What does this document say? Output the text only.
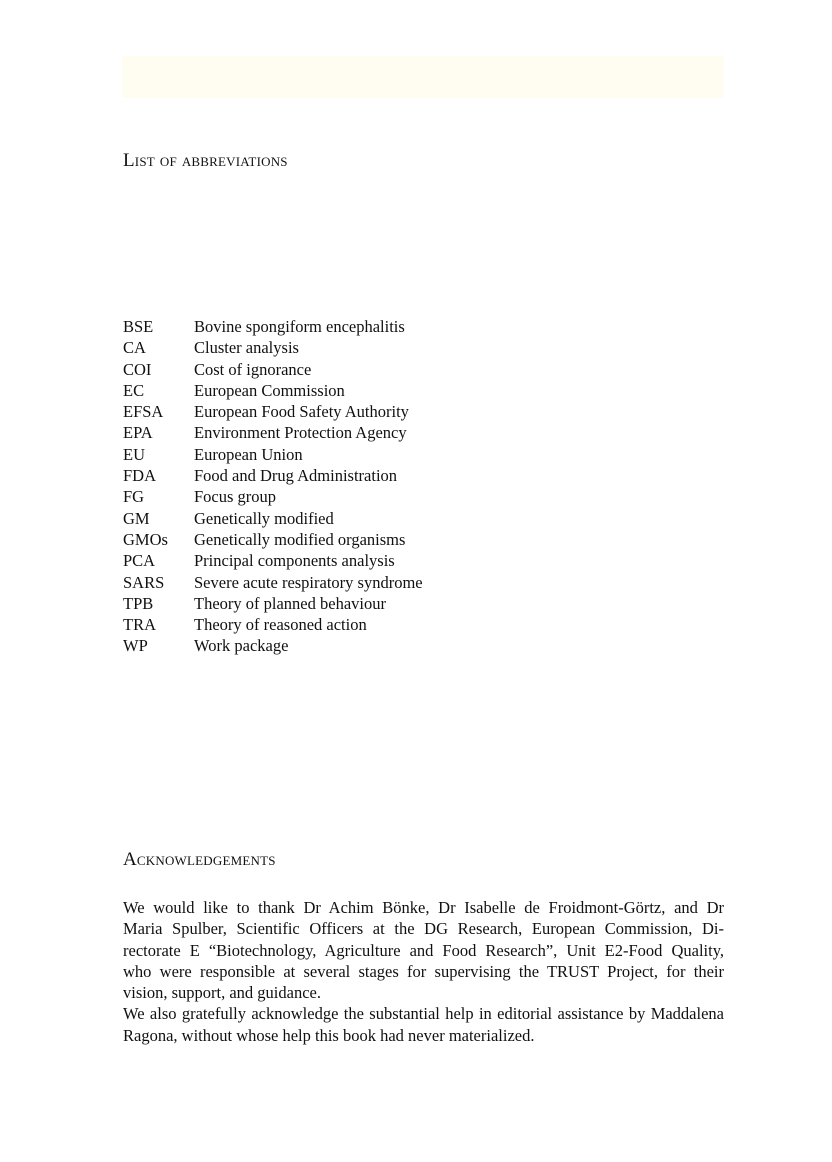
List of abbreviations
BSE	Bovine spongiform encephalitis
CA	Cluster analysis
COI	Cost of ignorance
EC	European Commission
EFSA	European Food Safety Authority
EPA	Environment Protection Agency
EU	European Union
FDA	Food and Drug Administration
FG	Focus group
GM	Genetically modified
GMOs	Genetically modified organisms
PCA	Principal components analysis
SARS	Severe acute respiratory syndrome
TPB	Theory of planned behaviour
TRA	Theory of reasoned action
WP	Work package
Acknowledgements
We would like to thank Dr Achim Bönke, Dr Isabelle de Froidmont-Görtz, and Dr
Maria Spulber, Scientific Officers at the DG Research, European Commission, Di-
rectorate E “Biotechnology, Agriculture and Food Research”, Unit E2-Food Quality,
who were responsible at several stages for supervising the TRUST Project, for their
vision, support, and guidance.
We also gratefully acknowledge the substantial help in editorial assistance by Maddalena
Ragona, without whose help this book had never materialized.
